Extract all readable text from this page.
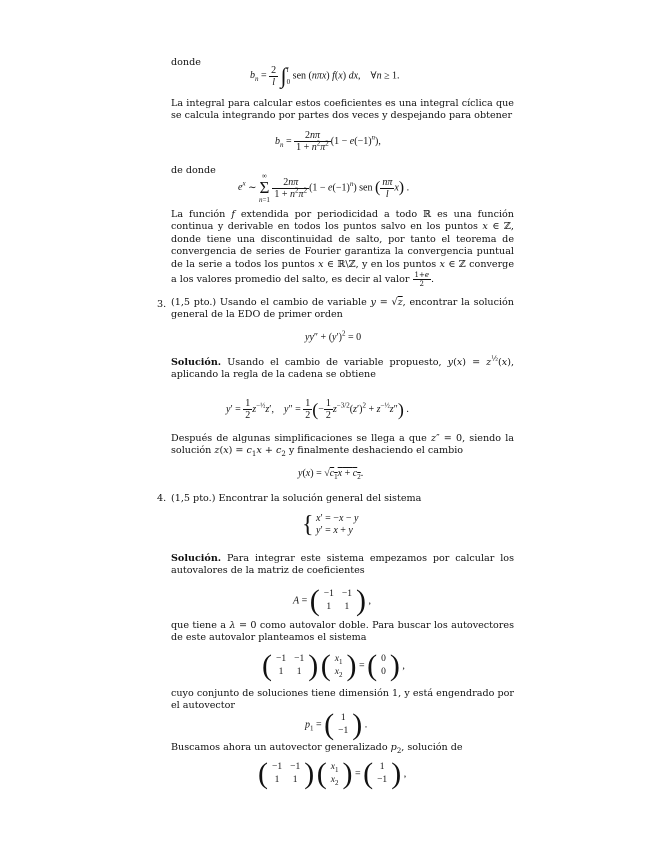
donde
$b_n = \frac{2}{l}$ ∫ l
0
sen (nπx) f(x) dx,    ∀n ≥ 1.
La integral para calcular estos coeficientes es una integral cíclica que se calcula integrando por partes dos veces y despejando para obtener
$b_n = \frac{2n\pi}{1 + n^2\pi^2} (1 - e(-1)^n)$,
de donde
$e^x$ ∼
∞
Σ
n=1

$\frac{2n\pi}{1 + n^2\pi^2} (1 - e(-1)^n)$ sen ( $\frac{n\pi}{l} x$) .
La función f extendida por periodicidad a todo ℝ es una función continua y derivable en todos los puntos salvo en los puntos x ∈ ℤ, donde tiene una discontinuidad de salto, por tanto el teorema de convergencia de series de Fourier garantiza la convergencia puntual de la serie a todos los puntos x ∈ ℝ\ℤ, y en los puntos x ∈ ℤ converge a los valores promedio del salto, es decir al valor $\frac{1+e}{2}$ .
3. (1,5 pto.) Usando el cambio de variable y = √z, encontrar la solución general de la EDO de primer orden
$yy'' + (y')^2 = 0$
Solución. Usando el cambio de variable propuesto, $y(x) = z^{\frac{1}{2}}(x)$, aplicando la regla de la cadena se obtiene
$y' = \frac{1}{2} z^{-\frac{1}{2}}z'$,    $y'' = \frac{1}{2}$ (− $\frac{1}{2} z^{-3/2}(z')^2 + z^{-\frac{1}{2}}z''$) .
Después de algunas simplificaciones se llega a que z″ = 0, siendo la solución $z(x) = c_1x + c_2$ y finalmente deshaciendo el cambio
$y(x) = √c_1x + c_2$.
4. (1,5 pto.) Encontrar la solución general del sistema
{ x′ = −x − y
y′ = x + y
Solución. Para integrar este sistema empezamos por calcular los autovalores de la matriz de coeficientes
A = ( −1	−1
1	1 ) ,
que tiene a λ = 0 como autovalor doble. Para buscar los autovectores de este autovalor planteamos el sistema
( −1	−1
1	1 ) ( $x_1$
$x_2$ ) = ( 0
0 ) ,
cuyo conjunto de soluciones tiene dimensión 1, y está engendrado por el autovector
$p_1$ = ( 1
−1 ) .
Buscamos ahora un autovector generalizado $p_2$, solución de
( −1	−1
1	1 ) ( $x_1$
$x_2$ ) = ( 1
−1 ) ,
